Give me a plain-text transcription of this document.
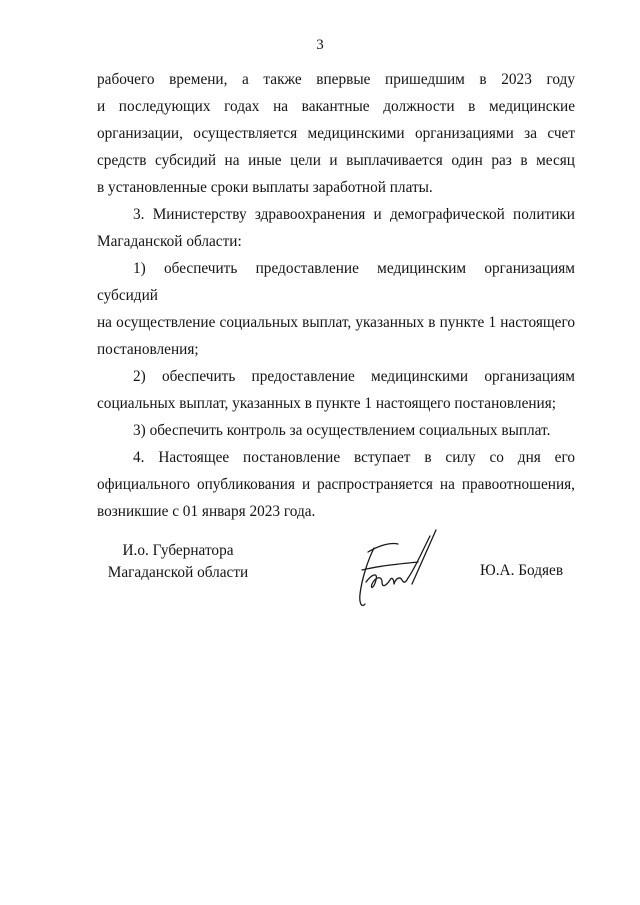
3
рабочего времени, а также впервые пришедшим в 2023 году
и последующих годах на вакантные должности в медицинские
организации, осуществляется медицинскими организациями за счет
средств субсидий на иные цели и выплачивается один раз в месяц
в установленные сроки выплаты заработной платы.
3. Министерству здравоохранения и демографической политики
Магаданской области:
1) обеспечить предоставление медицинским организациям субсидий
на осуществление социальных выплат, указанных в пункте 1 настоящего
постановления;
2) обеспечить предоставление медицинскими организациям
социальных выплат, указанных в пункте 1 настоящего постановления;
3) обеспечить контроль за осуществлением социальных выплат.
4. Настоящее постановление вступает в силу со дня его
официального опубликования и распространяется на правоотношения,
возникшие с 01 января 2023 года.
И.о. Губернатора
Магаданской области	Ю.А. Бодяев
